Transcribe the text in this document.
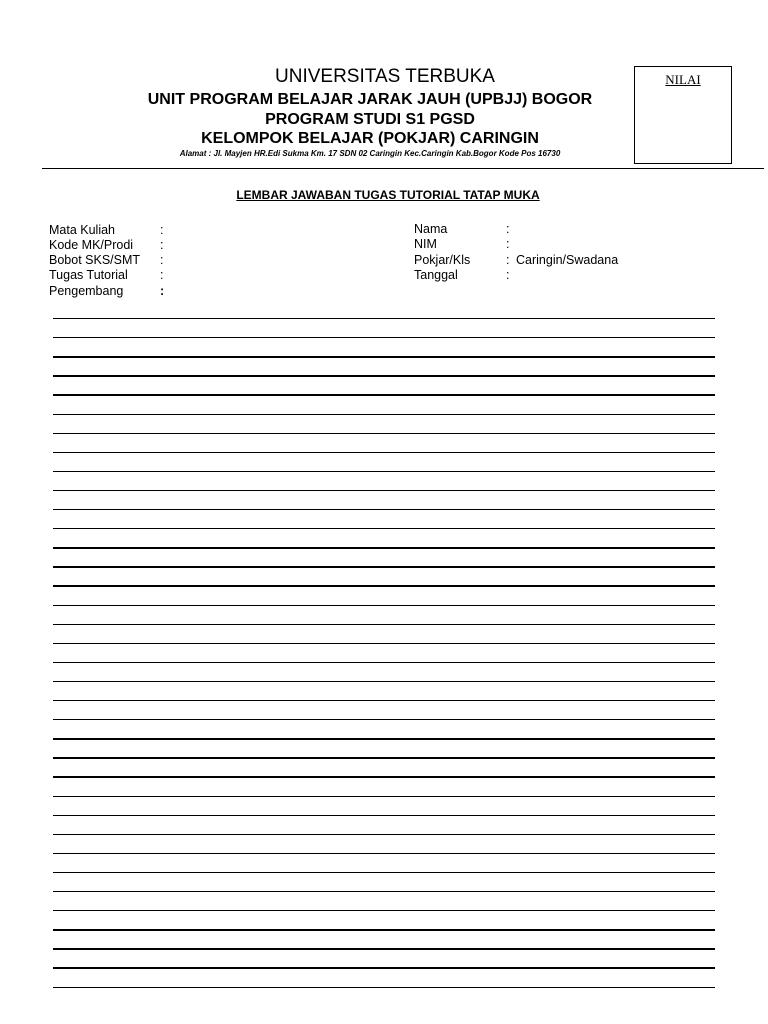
UNIVERSITAS TERBUKA
UNIT PROGRAM BELAJAR JARAK JAUH (UPBJJ) BOGOR
PROGRAM STUDI S1 PGSD
KELOMPOK BELAJAR (POKJAR) CARINGIN
Alamat : Jl. Mayjen HR.Edi Sukma Km. 17 SDN 02 Caringin Kec.Caringin Kab.Bogor Kode Pos 16730
NILAI
LEMBAR JAWABAN TUGAS TUTORIAL TATAP MUKA
Mata Kuliah	:
Kode MK/Prodi :
Bobot SKS/SMT :
Tugas Tutorial	:
Pengembang	:
Nama	:
NIM	:
Pokjar/Kls	: Caringin/Swadana
Tanggal	:
